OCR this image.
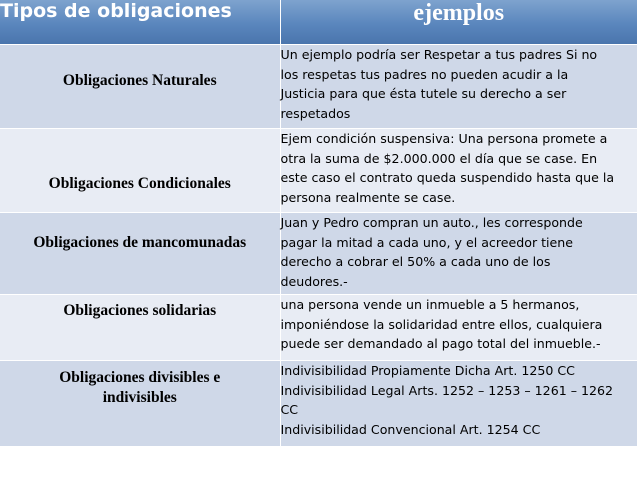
Tipos de obligaciones	ejemplos
Obligaciones Naturales	Un ejemplo podría ser Respetar a tus padres Si no
los respetas tus padres no pueden acudir a la
Justicia para que ésta tutele su derecho a ser
respetados

Obligaciones Condicionales	Ejem condición suspensiva: Una persona promete a
otra la suma de $2.000.000 el día que se case. En
este caso el contrato queda suspendido hasta que la
persona realmente se case.

Obligaciones de mancomunadas	Juan y Pedro compran un auto., les corresponde
pagar la mitad a cada uno, y el acreedor tiene
derecho a cobrar el 50% a cada uno de los
deudores.-

Obligaciones solidarias	una persona vende un inmueble a 5 hermanos,
imponiéndose la solidaridad entre ellos, cualquiera
puede ser demandado al pago total del inmueble.-

Obligaciones divisibles e
indivisibles	Indivisibilidad Propiamente Dicha Art. 1250 CC
Indivisibilidad Legal Arts. 1252 – 1253 – 1261 – 1262
CC
Indivisibilidad Convencional Art. 1254 CC
